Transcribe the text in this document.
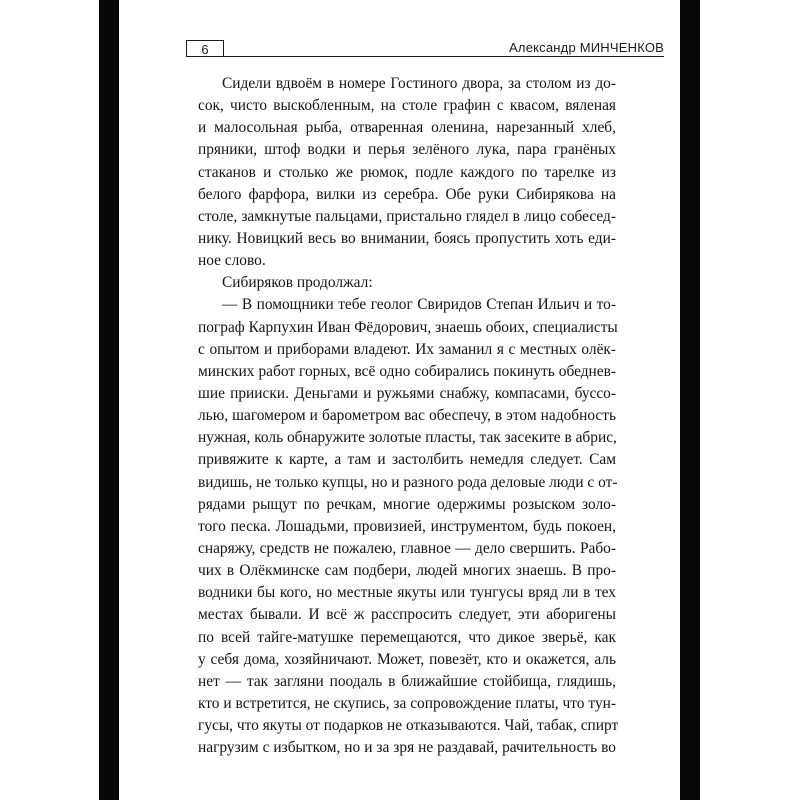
6	Александр МИНЧЕНКОВ
Сидели вдвоём в номере Гостиного двора, за столом из до-
сок, чисто выскобленным, на столе графин с квасом, вяленая
и малосольная рыба, отваренная оленина, нарезанный хлеб,
пряники, штоф водки и перья зелёного лука, пара гранёных
стаканов и столько же рюмок, подле каждого по тарелке из
белого фарфора, вилки из серебра. Обе руки Сибирякова на
столе, замкнутые пальцами, пристально глядел в лицо собесед-
нику. Новицкий весь во внимании, боясь пропустить хоть еди-
ное слово.
Сибиряков продолжал:
— В помощники тебе геолог Свиридов Степан Ильич и то-
пограф Карпухин Иван Фёдорович, знаешь обоих, специалисты
с опытом и приборами владеют. Их заманил я с местных олёк-
минских работ горных, всё одно собирались покинуть обеднев-
шие прииски. Деньгами и ружьями снабжу, компасами, буссо-
лью, шагомером и барометром вас обеспечу, в этом надобность
нужная, коль обнаружите золотые пласты, так засеките в абрис,
привяжите к карте, а там и застолбить немедля следует. Сам
видишь, не только купцы, но и разного рода деловые люди с от-
рядами рыщут по речкам, многие одержимы розыском золо-
того песка. Лошадьми, провизией, инструментом, будь покоен,
снаряжу, средств не пожалею, главное — дело свершить. Рабо-
чих в Олёкминске сам подбери, людей многих знаешь. В про-
водники бы кого, но местные якуты или тунгусы вряд ли в тех
местах бывали. И всё ж расспросить следует, эти аборигены
по всей тайге-матушке перемещаются, что дикое зверьё, как
у себя дома, хозяйничают. Может, повезёт, кто и окажется, аль
нет — так загляни поодаль в ближайшие стойбища, глядишь,
кто и встретится, не скупись, за сопровождение платы, что тун-
гусы, что якуты от подарков не отказываются. Чай, табак, спирт
нагрузим с избытком, но и за зря не раздавай, рачительность во
